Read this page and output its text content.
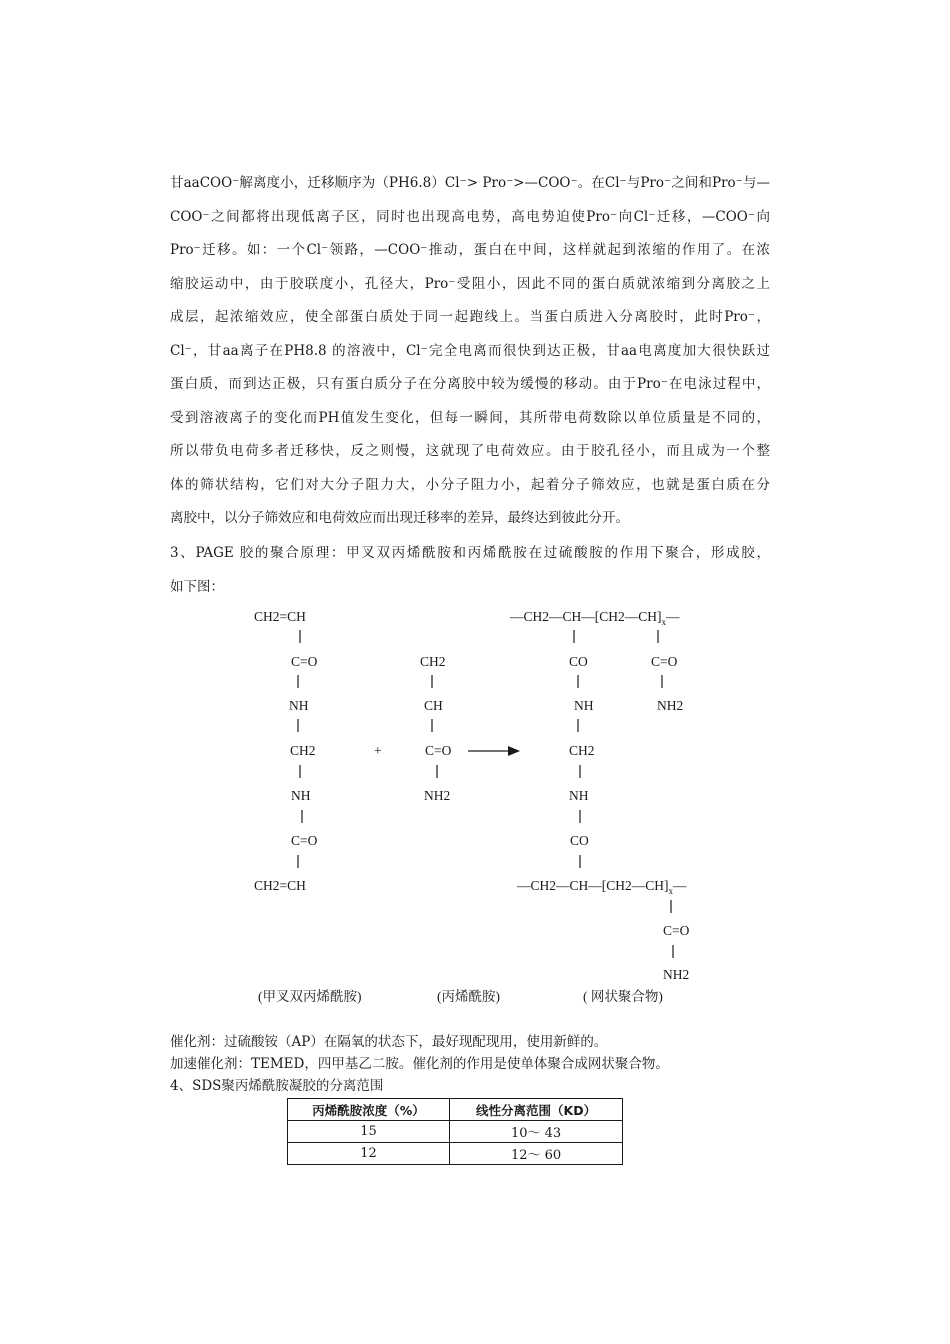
甘aaCOO⁻解离度小，迁移顺序为（PH6.8）Cl⁻> Pro⁻>—COO⁻。在Cl⁻与Pro⁻之间和Pro⁻与—
COO⁻之间都将出现低离子区，同时也出现高电势，高电势迫使Pro⁻向Cl⁻迁移，—COO⁻向
Pro⁻迁移。如：一个Cl⁻领路，—COO⁻推动，蛋白在中间，这样就起到浓缩的作用了。在浓
缩胶运动中，由于胶联度小，孔径大，Pro⁻受阻小，因此不同的蛋白质就浓缩到分离胶之上
成层，起浓缩效应，使全部蛋白质处于同一起跑线上。当蛋白质进入分离胶时，此时Pro⁻，
Cl⁻，甘aa离子在PH8.8 的溶液中，Cl⁻完全电离而很快到达正极，甘aa电离度加大很快跃过
蛋白质，而到达正极，只有蛋白质分子在分离胶中较为缓慢的移动。由于Pro⁻在电泳过程中，
受到溶液离子的变化而PH值发生变化，但每一瞬间，其所带电荷数除以单位质量是不同的，
所以带负电荷多者迁移快，反之则慢，这就现了电荷效应。由于胶孔径小，而且成为一个整
体的筛状结构，它们对大分子阻力大，小分子阻力小，起着分子筛效应，也就是蛋白质在分
离胶中，以分子筛效应和电荷效应而出现迁移率的差异，最终达到彼此分开。

3、PAGE 胶的聚合原理：甲叉双丙烯酰胺和丙烯酰胺在过硫酸胺的作用下聚合，形成胶，
如下图：

CH2=CH
C=O
NH
CH2
NH
C=O
CH2=CH
+
CH2
CH
C=O
NH2
$—CH2—CH—[CH2—CH]_x—$
CO	C=O
NH	NH2
CH2
NH
CO
$—CH2—CH—[CH2—CH]_x—$
C=O
NH2
(甲叉双丙烯酰胺)	(丙烯酰胺)	( 网状聚合物)

催化剂：过硫酸铵（AP）在隔氧的状态下，最好现配现用，使用新鲜的。

加速催化剂：TEMED，四甲基乙二胺。催化剂的作用是使单体聚合成网状聚合物。

4、SDS聚丙烯酰胺凝胶的分离范围

丙烯酰胺浓度（%）	线性分离范围（KD）
15	10～ 43
12	12～ 60
